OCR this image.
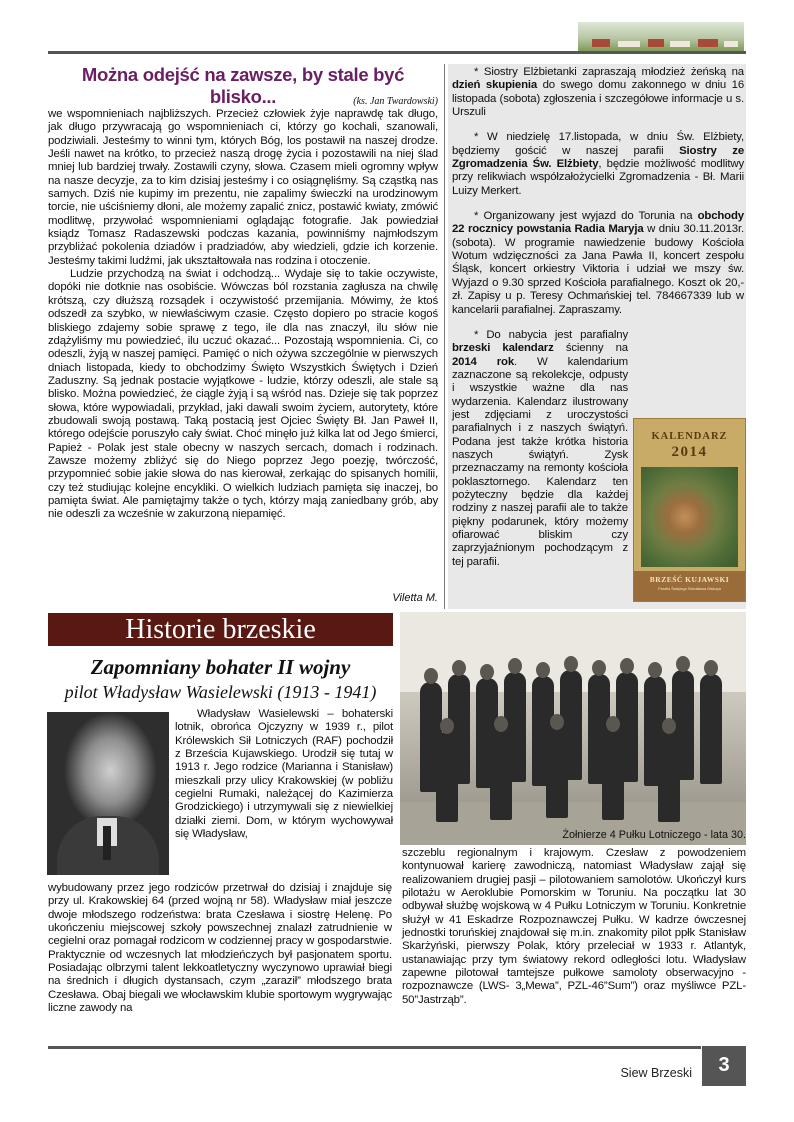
Można odejść na zawsze, by stale być blisko...	(ks. Jan Twardowski)

we wspomnieniach najbliższych. Przecież człowiek żyje naprawdę tak długo, jak długo przywracają go wspomnieniach ci, którzy go kochali, szanowali, podziwiali. Jesteśmy to winni tym, których Bóg, los postawił na naszej drodze. Jeśli nawet na krótko, to przecież naszą drogę życia i pozostawili na niej ślad mniej lub bardziej trwały. Zostawili czyny, słowa. Czasem mieli ogromny wpływ na nasze decyzje, za to kim dzisiaj jesteśmy i co osiągnęliśmy. Są cząstką nas samych. Dziś nie kupimy im prezentu, nie zapalimy świeczki na urodzinowym torcie, nie uściśniemy dłoni, ale możemy zapalić znicz, postawić kwiaty, zmówić modlitwę, przywołać wspomnieniami oglądając fotografie. Jak powiedział ksiądz Tomasz Radaszewski podczas kazania, powinniśmy najmłodszym przybliżać pokolenia dziadów i pradziadów, aby wiedzieli, gdzie ich korzenie. Jesteśmy takimi ludźmi, jak ukształtowała nas rodzina i otoczenie.

Ludzie przychodzą na świat i odchodzą... Wydaje się to takie oczywiste, dopóki nie dotknie nas osobiście. Wówczas ból rozstania zagłusza na chwilę krótszą, czy dłuższą rozsądek i oczywistość przemijania. Mówimy, że ktoś odszedł za szybko, w niewłaściwym czasie. Często dopiero po stracie kogoś bliskiego zdajemy sobie sprawę z tego, ile dla nas znaczył, ilu słów nie zdążyliśmy mu powiedzieć, ilu uczuć okazać... Pozostają wspomnienia. Ci, co odeszli, żyją w naszej pamięci. Pamięć o nich ożywa szczególnie w pierwszych dniach listopada, kiedy to obchodzimy Święto Wszystkich Świętych i Dzień Zaduszny. Są jednak postacie wyjątkowe - ludzie, którzy odeszli, ale stale są blisko. Można powiedzieć, że ciągle żyją i są wśród nas. Dzieje się tak poprzez słowa, które wypowiadali, przykład, jaki dawali swoim życiem, autorytety, które zbudowali swoją postawą. Taką postacią jest Ojciec Święty Bł. Jan Paweł II, którego odejście poruszyło cały świat. Choć minęło już kilka lat od Jego śmierci, Papież - Polak jest stale obecny w naszych sercach, domach i rodzinach. Zawsze możemy zbliżyć się do Niego poprzez Jego poezję, twórczość, przypomnieć sobie jakie słowa do nas kierował, zerkając do spisanych homilii, czy też studiując kolejne encykliki. O wielkich ludziach pamięta się inaczej, bo pamięta świat. Ale pamiętajmy także o tych, którzy mają zaniedbany grób, aby nie odeszli za wcześnie w zakurzoną niepamięć.

Viletta M.

* Siostry Elżbietanki zapraszają młodzież żeńską na dzień skupienia do swego domu zakonnego w dniu 16 listopada (sobota) zgłoszenia i szczegółowe informacje u s. Urszuli

* W niedzielę 17.listopada, w dniu Św. Elżbiety, będziemy gościć w naszej parafii Siostry ze Zgromadzenia Św. Elżbiety, będzie możliwość modlitwy przy relikwiach współzałożycielki Zgromadzenia - Bł. Marii Luizy Merkert.

* Organizowany jest wyjazd do Torunia na obchody 22 rocznicy powstania Radia Maryja w dniu 30.11.2013r. (sobota). W programie nawiedzenie budowy Kościoła Wotum wdzięczności za Jana Pawła II, koncert zespołu Śląsk, koncert orkiestry Viktoria i udział we mszy św. Wyjazd o 9.30 sprzed Kościoła parafialnego. Koszt ok 20,-zł. Zapisy u p. Teresy Ochmańskiej tel. 784667339 lub w kancelarii parafialnej. Zapraszamy.

* Do nabycia jest parafialny brzeski kalendarz ścienny na 2014 rok. W kalendarium zaznaczone są rekolekcje, odpusty i wszystkie ważne dla nas wydarzenia. Kalendarz ilustrowany jest zdjęciami z uroczystości parafialnych i z naszych świątyń. Podana jest także krótka historia naszych świątyń. Zysk przeznaczamy na remonty kościoła poklasztornego. Kalendarz ten pożyteczny będzie dla każdej rodziny z naszej parafii ale to także piękny podarunek, który możemy ofiarować bliskim czy zaprzyjaźnionym pochodzącym z tej parafii.

KALENDARZ
2014
BRZEŚĆ KUJAWSKI
Parafia Świętego Stanisława Biskupa
Historie brzeskie
Zapomniany bohater II wojny
pilot Władysław Wasielewski (1913 - 1941)

Władysław Wasielewski – bohaterski lotnik, obrońca Ojczyzny w 1939 r., pilot Królewskich Sił Lotniczych (RAF) pochodził z Brześcia Kujawskiego. Urodził się tutaj w 1913 r. Jego rodzice (Marianna i Stanisław) mieszkali przy ulicy Krakowskiej (w pobliżu cegielni Rumaki, należącej do Kazimierza Grodzickiego) i utrzymywali się z niewielkiej działki ziemi. Dom, w którym wychowywał się Władysław,

wybudowany przez jego rodziców przetrwał do dzisiaj i znajduje się przy ul. Krakowskiej 64 (przed wojną nr 58). Władysław miał jeszcze dwoje młodszego rodzeństwa: brata Czesława i siostrę Helenę. Po ukończeniu miejscowej szkoły powszechnej znalazł zatrudnienie w cegielni oraz pomagał rodzicom w codziennej pracy w gospodarstwie. Praktycznie od wczesnych lat młodzieńczych był pasjonatem sportu. Posiadając olbrzymi talent lekkoatletyczny wyczynowo uprawiał biegi na średnich i długich dystansach, czym „zaraził” młodszego brata Czesława. Obaj biegali we włocławskim klubie sportowym wygrywając liczne zawody na

Żołnierze 4 Pułku Lotniczego - lata 30.

szczeblu regionalnym i krajowym. Czesław z powodzeniem kontynuował karierę zawodniczą, natomiast Władysław zajął się realizowaniem drugiej pasji – pilotowaniem samolotów. Ukończył kurs pilotażu w Aeroklubie Pomorskim w Toruniu. Na początku lat 30 odbywał służbę wojskową w 4 Pułku Lotniczym w Toruniu. Konkretnie służył w 41 Eskadrze Rozpoznawczej Pułku. W kadrze ówczesnej jednostki toruńskiej znajdował się m.in. znakomity pilot ppłk Stanisław Skarżyński, pierwszy Polak, który przeleciał w 1933 r. Atlantyk, ustanawiając przy tym światowy rekord odległości lotu. Władysław zapewne pilotował tamtejsze pułkowe samoloty obserwacyjno - rozpoznawcze (LWS- 3„Mewa”, PZL-46”Sum”) oraz myśliwce PZL-50”Jastrząb”.

Siew Brzeski	3
